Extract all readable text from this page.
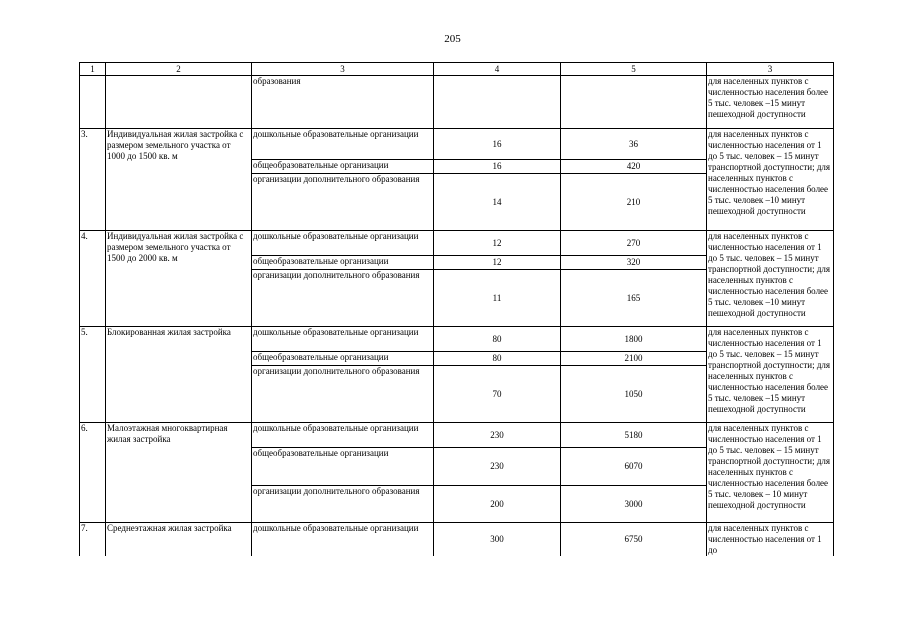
205
1	2	3	4	5	3
		образования			для населенных пунктов с численностью населения более 5 тыс. человек –15 минут пешеходной доступности
3.	Индивидуальная жилая застройка с размером земельного участка от 1000 до 1500 кв. м	дошкольные образовательные организации	16	36	для населенных пунктов с численностью населения от 1 до 5 тыс. человек – 15 минут транспортной доступности; для населенных пунктов с численностью населения более 5 тыс. человек –10 минут пешеходной доступности
		общеобразовательные организации	16	420	
		организации дополнительного образования	14	210	
4.	Индивидуальная жилая застройка с размером земельного участка от 1500 до 2000 кв. м	дошкольные образовательные организации	12	270	для населенных пунктов с численностью населения от 1 до 5 тыс. человек – 15 минут транспортной доступности; для населенных пунктов с численностью населения более 5 тыс. человек –10 минут пешеходной доступности
		общеобразовательные организации	12	320	
		организации дополнительного образования	11	165	
5.	Блокированная жилая застройка	дошкольные образовательные организации	80	1800	для населенных пунктов с численностью населения от 1 до 5 тыс. человек – 15 минут транспортной доступности; для населенных пунктов с численностью населения более 5 тыс. человек –15 минут пешеходной доступности
		общеобразовательные организации	80	2100	
		организации дополнительного образования	70	1050	
6.	Малоэтажная многоквартирная жилая застройка	дошкольные образовательные организации	230	5180	для населенных пунктов с численностью населения от 1 до 5 тыс. человек – 15 минут транспортной доступности; для населенных пунктов с численностью населения более 5 тыс. человек – 10 минут пешеходной доступности
		общеобразовательные организации	230	6070	
		организации дополнительного образования	200	3000	
7.	Среднеэтажная жилая застройка	дошкольные образовательные организации	300	6750	для населенных пунктов с численностью населения от 1 до
